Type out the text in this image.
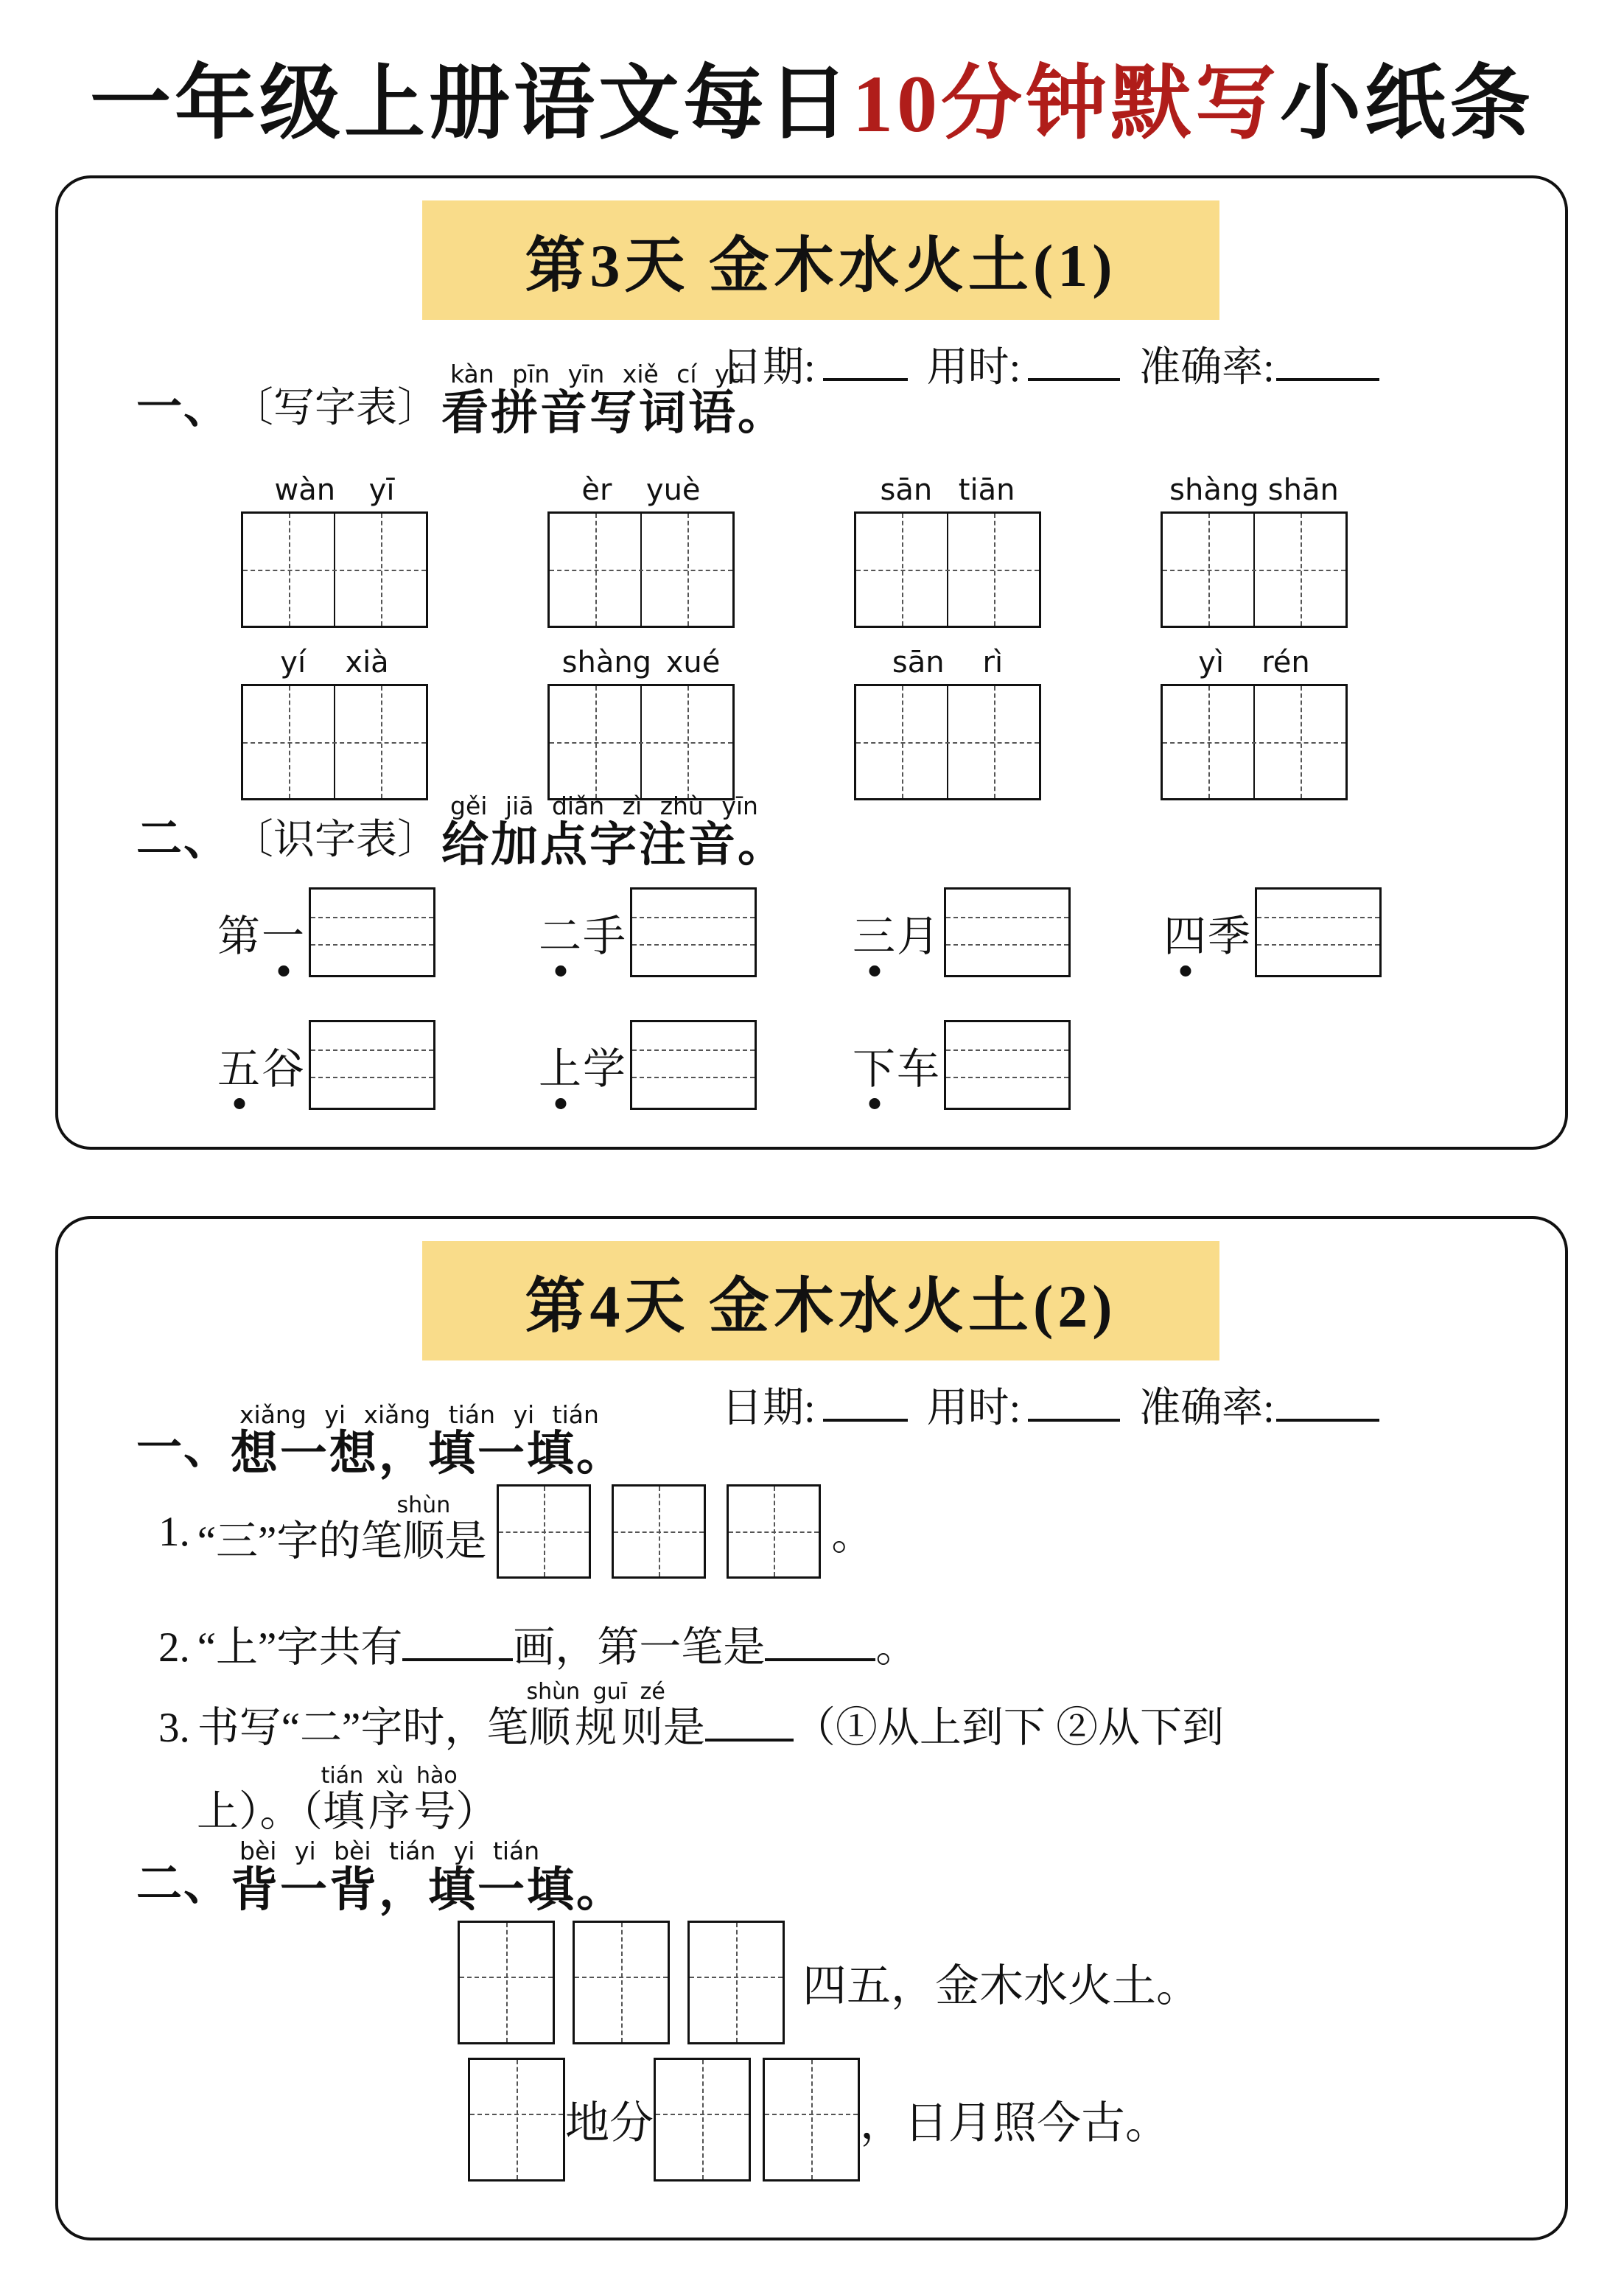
一年级上册语文每日10分钟默写小纸条
第3天 金木水火土(1)
日期:	用时:	准确率:
一、 〔写字表〕
kàn pīn yīn xiě cí yǔ
看拼音写词语。
wàn yī	èr yuè	sān tiān	shàng shān
yí xià	shàng xué	sān rì	yì rén
二、 〔识字表〕
gěi jiā diǎn zì zhù yīn
给加点字注音。
第一	二手	三月	四季
五谷	上学	下车
第4天 金木水火土(2)
日期:	用时:	准确率:
一、
xiǎng yi xiǎng tián yi tián
想一想，填一填。
1. “三”字的笔顺shùn是	。
2. “上”字共有	画，第一笔是	。
3. 书写“二”字时，笔顺规则shùn guī zé是 （①从上到下 ②从下到
上）。（填序号tián xù hào）
二、
bèi yi bèi tián yi tián
背一背，填一填。
四五，金木水火土。
地分	，日月照今古。
